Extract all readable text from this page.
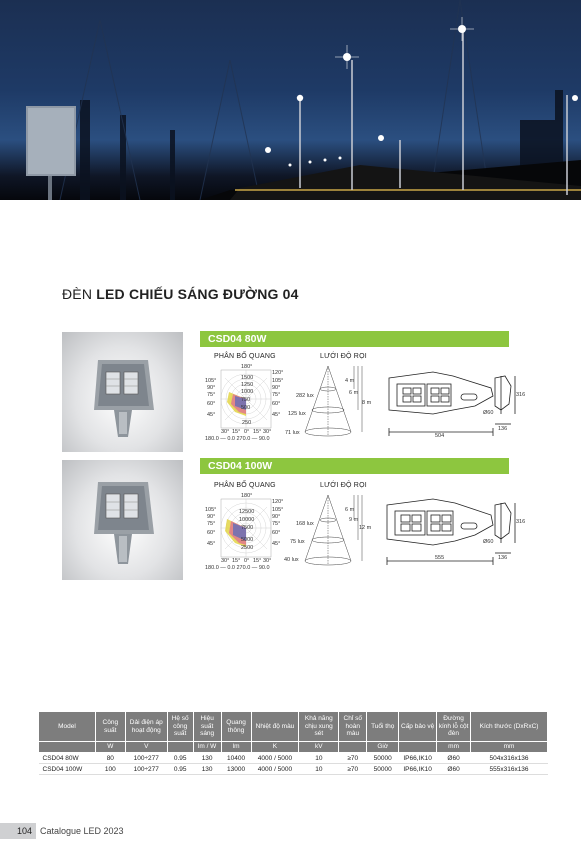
ĐÈN LED CHIẾU SÁNG ĐƯỜNG 04
CSD04 80W
PHÂN BỐ QUANG	LƯỚI ĐỘ RỌI
180°
105°
90°
75°
60°
45°
120°
105°
90°
75°
60°
45°
1500
1250
1000
750
500
250
30° 15° 0° 15° 30°
180.0 — 0.0 270.0 — 90.0
4 m
6 m
8 m
282 lux
125 lux
71 lux	504
316
136
Ø60
CSD04 100W
PHÂN BỐ QUANG	LƯỚI ĐỘ RỌI
180°
105°
90°
75°
60°
45°
120°
105°
90°
75°
60°
45°
12500
10000
7500
5000
2500
30° 15° 0° 15° 30°
180.0 — 0.0 270.0 — 90.0
6 m
9 m
12 m
168 lux
75 lux
40 lux	555
316
136
Ø60
Model	Công suất	Dải điện áp hoạt động	Hệ số công suất	Hiệu suất sáng	Quang thông	Nhiệt độ màu	Khả năng chịu xung sét	Chỉ số hoàn màu	Tuổi thọ	Cấp bảo vệ	Đường kính lỗ cột đèn	Kích thước (DxRxC)
	W	V		lm / W	lm	K	kV		Giờ		mm	mm
CSD04 80W	80	100÷277	0.95	130	10400	4000 / 5000	10	≥70	50000	IP66,IK10	Ø60	504x316x136
CSD04 100W	100	100÷277	0.95	130	13000	4000 / 5000	10	≥70	50000	IP66,IK10	Ø60	555x316x136
104 Catalogue LED 2023
